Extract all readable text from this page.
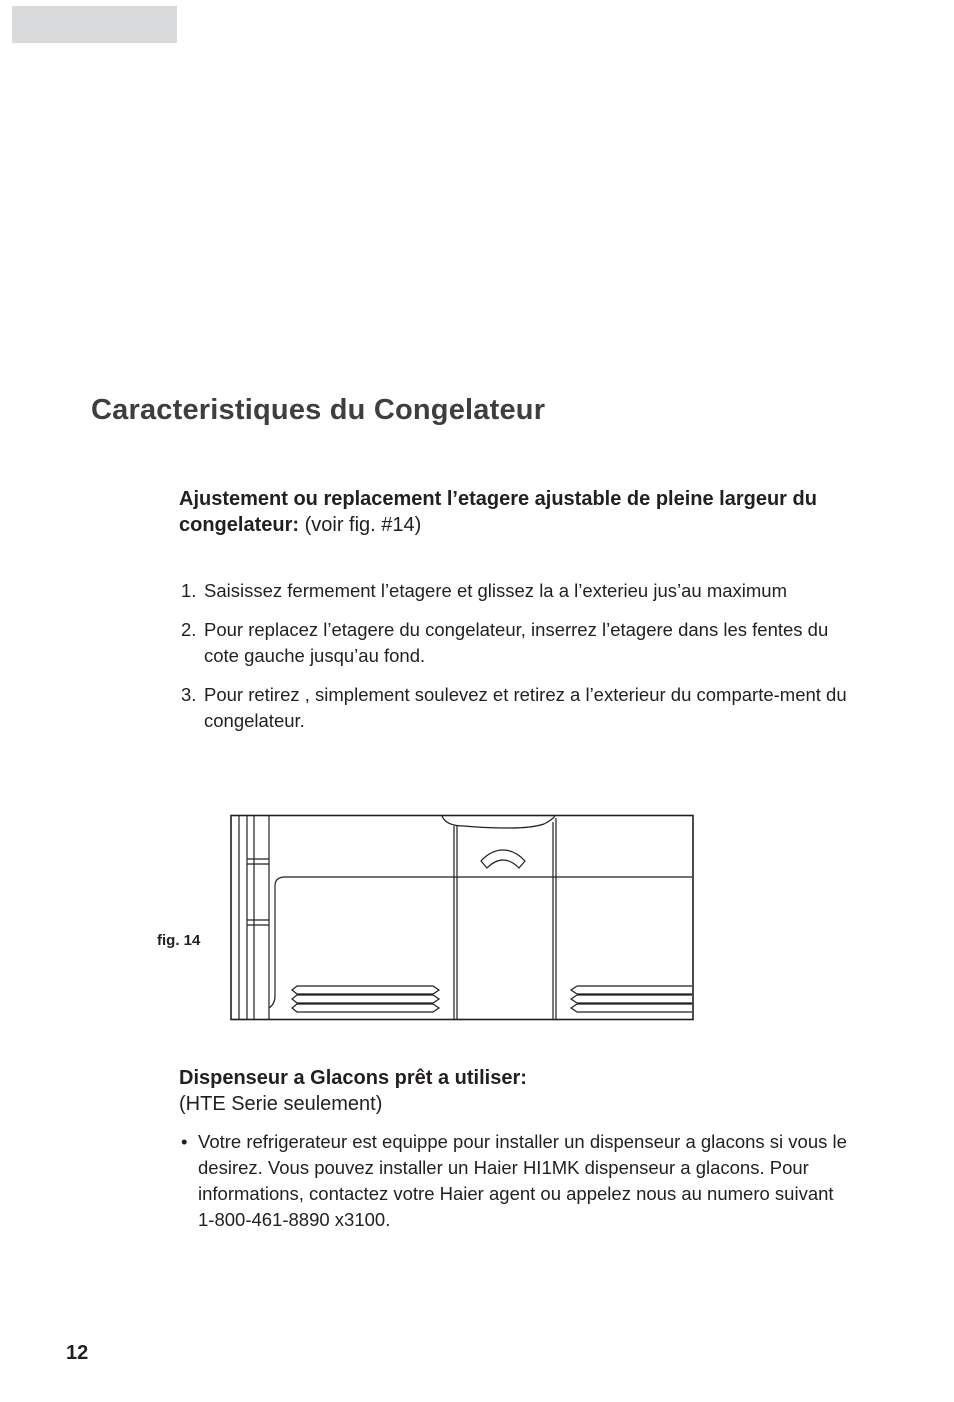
Caracteristiques du Congelateur
Ajustement ou replacement l’etagere ajustable de pleine largeur du congelateur: (voir fig. #14)
1. Saisissez fermement l’etagere et glissez la a l’exterieu jus’au maximum
2. Pour replacez l’etagere du congelateur, inserrez l’etagere dans les fentes du cote gauche jusqu’au fond.
3. Pour retirez , simplement soulevez et retirez a l’exterieur du comparte-ment du congelateur.
fig. 14
Dispenseur a Glacons prêt a utiliser:
(HTE Serie seulement)
• Votre refrigerateur est equippe pour installer un dispenseur a glacons si vous le desirez. Vous pouvez installer un Haier HI1MK dispenseur a glacons. Pour informations, contactez votre Haier agent ou appelez nous au numero suivant 1-800-461-8890 x3100.
12
